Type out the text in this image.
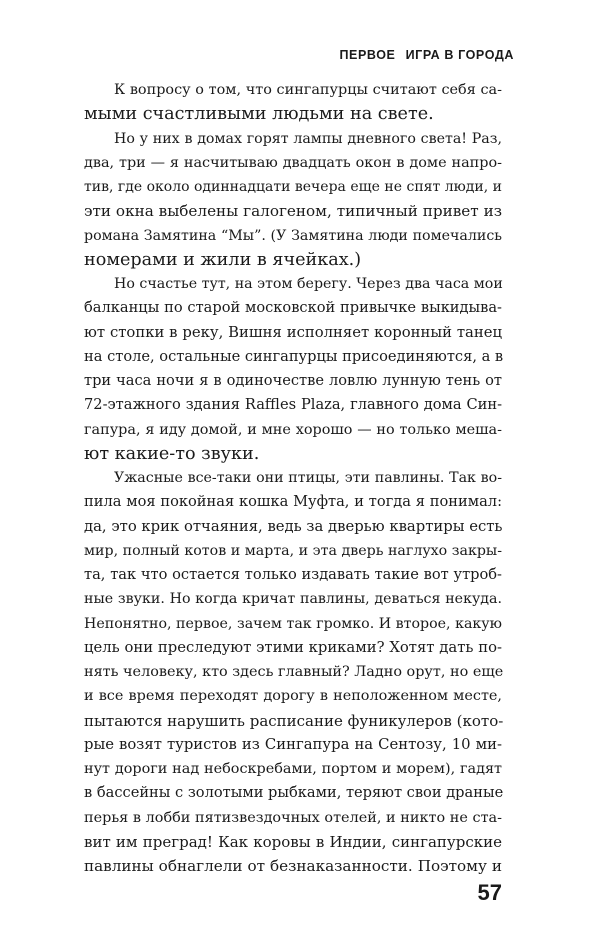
ПЕРВОЕ ИГРА В ГОРОДА
К вопросу о том, что сингапурцы считают себя са-
мыми счастливыми людьми на свете.
Но у них в домах горят лампы дневного света! Раз,
два, три — я насчитываю двадцать окон в доме напро-
тив, где около одиннадцати вечера еще не спят люди, и
эти окна выбелены галогеном, типичный привет из
романа Замятина “Мы”. (У Замятина люди помечались
номерами и жили в ячейках.)
Но счастье тут, на этом берегу. Через два часа мои
балканцы по старой московской привычке выкидыва-
ют стопки в реку, Вишня исполняет коронный танец
на столе, остальные сингапурцы присоединяются, а в
три часа ночи я в одиночестве ловлю лунную тень от
72-этажного здания Raffles Plaza, главного дома Син-
гапура, я иду домой, и мне хорошо — но только меша-
ют какие-то звуки.
Ужасные все-таки они птицы, эти павлины. Так во-
пила моя покойная кошка Муфта, и тогда я понимал:
да, это крик отчаяния, ведь за дверью квартиры есть
мир, полный котов и марта, и эта дверь наглухо закры-
та, так что остается только издавать такие вот утроб-
ные звуки. Но когда кричат павлины, деваться некуда.
Непонятно, первое, зачем так громко. И второе, какую
цель они преследуют этими криками? Хотят дать по-
нять человеку, кто здесь главный? Ладно орут, но еще
и все время переходят дорогу в неположенном месте,
пытаются нарушить расписание фуникулеров (кото-
рые возят туристов из Сингапура на Сентозу, 10 ми-
нут дороги над небоскребами, портом и морем), гадят
в бассейны с золотыми рыбками, теряют свои драные
перья в лобби пятизвездочных отелей, и никто не ста-
вит им преград! Как коровы в Индии, сингапурские
павлины обнаглели от безнаказанности. Поэтому и
57
